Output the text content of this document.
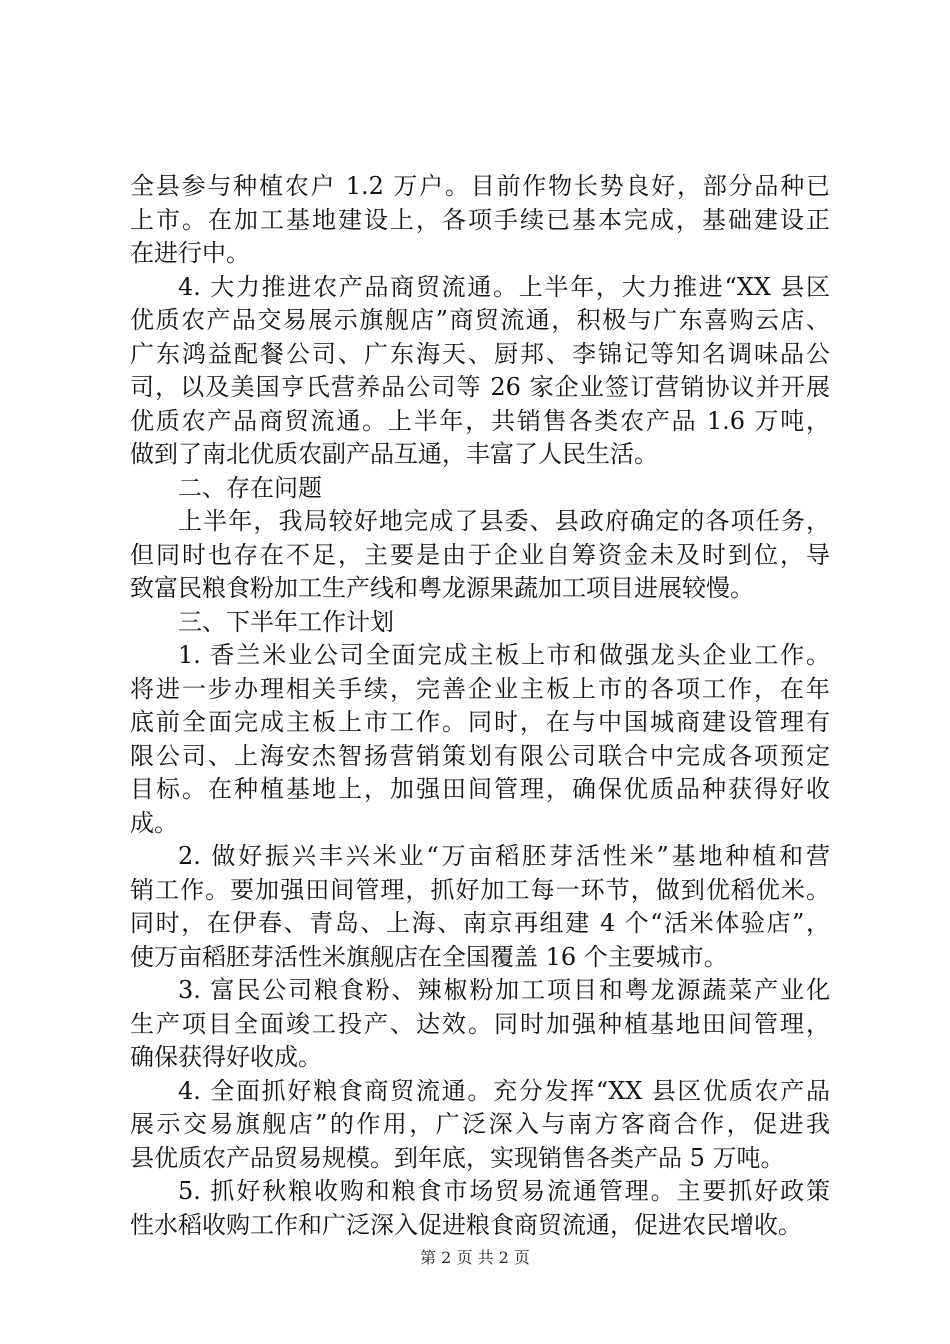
全县参与种植农户 1.2 万户。目前作物长势良好，部分品种已
上市。在加工基地建设上，各项手续已基本完成，基础建设正
在进行中。
4. 大力推进农产品商贸流通。上半年，大力推进“XX 县区
优质农产品交易展示旗舰店”商贸流通，积极与广东喜购云店、
广东鸿益配餐公司、广东海天、厨邦、李锦记等知名调味品公
司，以及美国亨氏营养品公司等 26 家企业签订营销协议并开展
优质农产品商贸流通。上半年，共销售各类农产品 1.6 万吨，
做到了南北优质农副产品互通，丰富了人民生活。
二、存在问题
上半年，我局较好地完成了县委、县政府确定的各项任务，
但同时也存在不足，主要是由于企业自筹资金未及时到位，导
致富民粮食粉加工生产线和粤龙源果蔬加工项目进展较慢。
三、下半年工作计划
1. 香兰米业公司全面完成主板上市和做强龙头企业工作。
将进一步办理相关手续，完善企业主板上市的各项工作，在年
底前全面完成主板上市工作。同时，在与中国城商建设管理有
限公司、上海安杰智扬营销策划有限公司联合中完成各项预定
目标。在种植基地上，加强田间管理，确保优质品种获得好收
成。
2. 做好振兴丰兴米业“万亩稻胚芽活性米”基地种植和营
销工作。要加强田间管理，抓好加工每一环节，做到优稻优米。
同时，在伊春、青岛、上海、南京再组建 4 个“活米体验店”，
使万亩稻胚芽活性米旗舰店在全国覆盖 16 个主要城市。
3. 富民公司粮食粉、辣椒粉加工项目和粤龙源蔬菜产业化
生产项目全面竣工投产、达效。同时加强种植基地田间管理，
确保获得好收成。
4. 全面抓好粮食商贸流通。充分发挥“XX 县区优质农产品
展示交易旗舰店”的作用，广泛深入与南方客商合作，促进我
县优质农产品贸易规模。到年底，实现销售各类产品 5 万吨。
5. 抓好秋粮收购和粮食市场贸易流通管理。主要抓好政策
性水稻收购工作和广泛深入促进粮食商贸流通，促进农民增收。
第 2 页 共 2 页
